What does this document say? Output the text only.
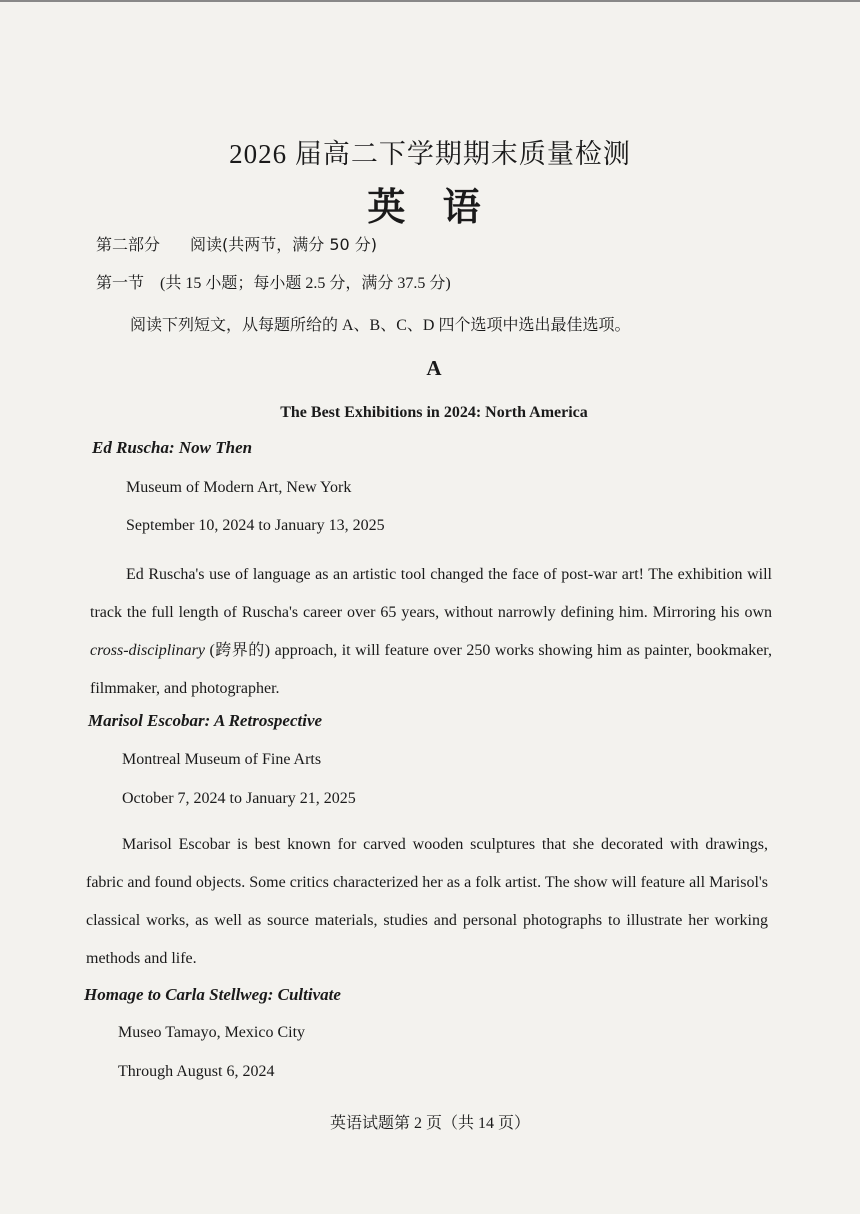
2026 届高二下学期期末质量检测
英 语
第二部分 阅读(共两节，满分 50 分)
第一节　(共 15 小题；每小题 2.5 分，满分 37.5 分)
阅读下列短文，从每题所给的 A、B、C、D 四个选项中选出最佳选项。
A
The Best Exhibitions in 2024: North America
Ed Ruscha: Now Then
Museum of Modern Art, New York
September 10, 2024 to January 13, 2025
Ed Ruscha's use of language as an artistic tool changed the face of post-war art! The exhibition will track the full length of Ruscha's career over 65 years, without narrowly defining him. Mirroring his own cross-disciplinary (跨界的) approach, it will feature over 250 works showing him as painter, bookmaker, filmmaker, and photographer.
Marisol Escobar: A Retrospective
Montreal Museum of Fine Arts
October 7, 2024 to January 21, 2025
Marisol Escobar is best known for carved wooden sculptures that she decorated with drawings, fabric and found objects. Some critics characterized her as a folk artist. The show will feature all Marisol's classical works, as well as source materials, studies and personal photographs to illustrate her working methods and life.
Homage to Carla Stellweg: Cultivate
Museo Tamayo, Mexico City
Through August 6, 2024
英语试题第 2 页（共 14 页）
